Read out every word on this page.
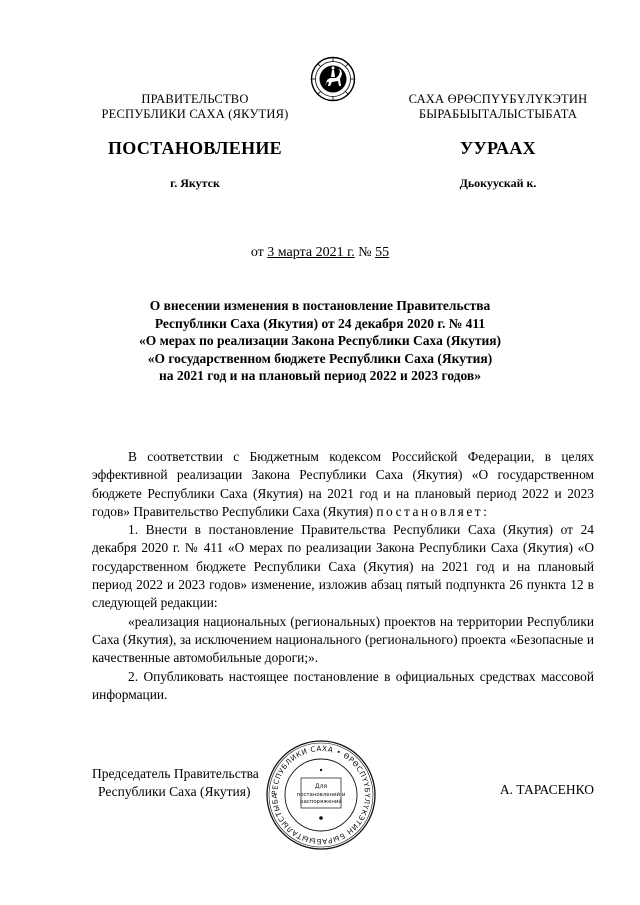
ПРАВИТЕЛЬСТВО
РЕСПУБЛИКИ САХА (ЯКУТИЯ)
САХА ӨРӨСПҮҮБҮЛҮКЭТИН
БЫРАБЫЫТАЛЫСТЫБАТА
ПОСТАНОВЛЕНИЕ	УУРААХ
г. Якутск	Дьокуускай к.
от 3 марта 2021 г. № 55
О внесении изменения в постановление Правительства
Республики Саха (Якутия) от 24 декабря 2020 г. № 411
«О мерах по реализации Закона Республики Саха (Якутия)
«О государственном бюджете Республики Саха (Якутия)
на 2021 год и на плановый период 2022 и 2023 годов»

В соответствии с Бюджетным кодексом Российской Федерации, в целях эффективной реализации Закона Республики Саха (Якутия) «О государственном бюджете Республики Саха (Якутия) на 2021 год и на плановый период 2022 и 2023 годов» Правительство Республики Саха (Якутия) постановляет:

1. Внести в постановление Правительства Республики Саха (Якутия) от 24 декабря 2020 г. № 411 «О мерах по реализации Закона Республики Саха (Якутия) «О государственном бюджете Республики Саха (Якутия) на 2021 год и на плановый период 2022 и 2023 годов» изменение, изложив абзац пятый подпункта 26 пункта 12 в следующей редакции:

«реализация национальных (региональных) проектов на территории Республики Саха (Якутия), за исключением национального (регионального) проекта «Безопасные и качественные автомобильные дороги;».

2. Опубликовать настоящее постановление в официальных средствах массовой информации.

Председатель Правительства
Республики Саха (Якутия)	А. ТАРАСЕНКО
РЕСПУБЛИКИ САХА • ӨРӨСПҮҮБҮЛҮКЭТИН БЫРАБЫЫТАЛЫСТЫБА
Для
постановлений и
распоряжений
